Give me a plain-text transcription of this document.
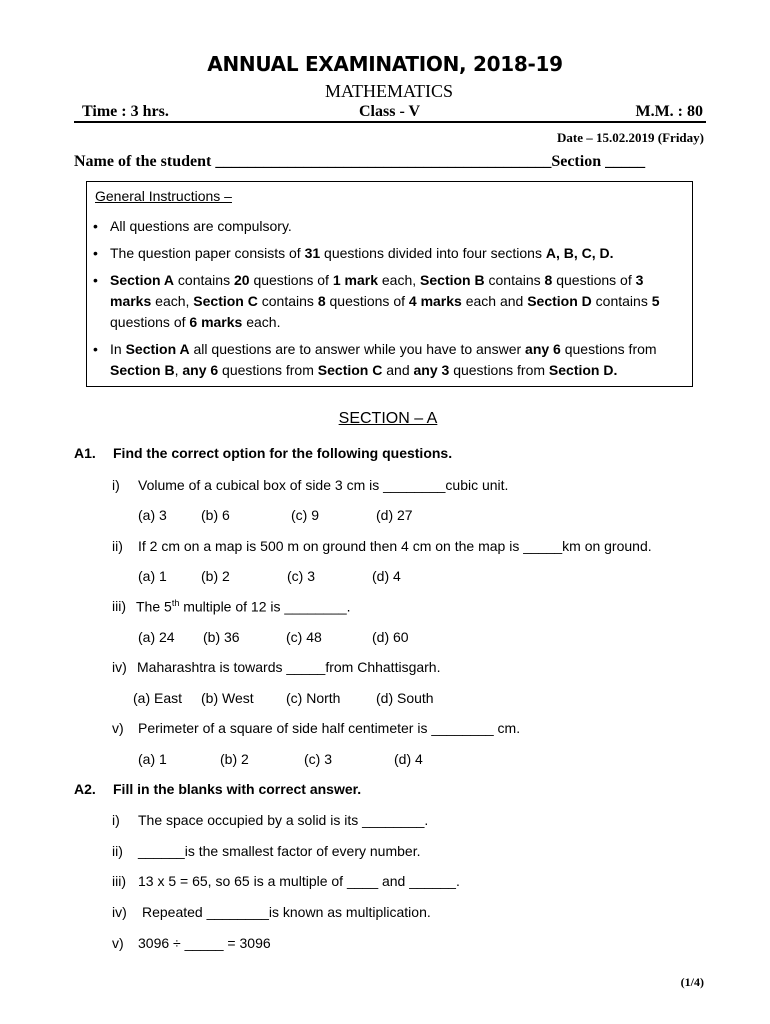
ANNUAL EXAMINATION, 2018-19
MATHEMATICS
Time : 3 hrs.	Class - V	M.M. : 80
Date – 15.02.2019 (Friday)
Name of the student __________________________________________Section _____
General Instructions –
• All questions are compulsory.
• The question paper consists of 31 questions divided into four sections A, B, C, D.
• Section A contains 20 questions of 1 mark each, Section B contains 8 questions of 3 marks each, Section C contains 8 questions of 4 marks each and Section D contains 5 questions of 6 marks each.
• In Section A all questions are to answer while you have to answer any 6 questions from Section B, any 6 questions from Section C and any 3 questions from Section D.
SECTION – A
A1. Find the correct option for the following questions.
i) Volume of a cubical box of side 3 cm is ________cubic unit.
(a) 3 (b) 6	(c) 9	(d) 27
ii) If 2 cm on a map is 500 m on ground then 4 cm on the map is _____km on ground.
(a) 1 (b) 2	(c) 3	(d) 4
iii) The 5th multiple of 12 is ________.
(a) 24 (b) 36	(c) 48	(d) 60
iv) Maharashtra is towards _____from Chhattisgarh.
(a) East (b) West (c) North	(d) South
v) Perimeter of a square of side half centimeter is ________ cm.
(a) 1	(b) 2	(c) 3	(d) 4
A2. Fill in the blanks with correct answer.
i) The space occupied by a solid is its ________.
ii) ______is the smallest factor of every number.
iii) 13 x 5 = 65, so 65 is a multiple of ____ and ______.
iv) Repeated ________is known as multiplication.
v) 3096 ÷ _____ = 3096
(1/4)
